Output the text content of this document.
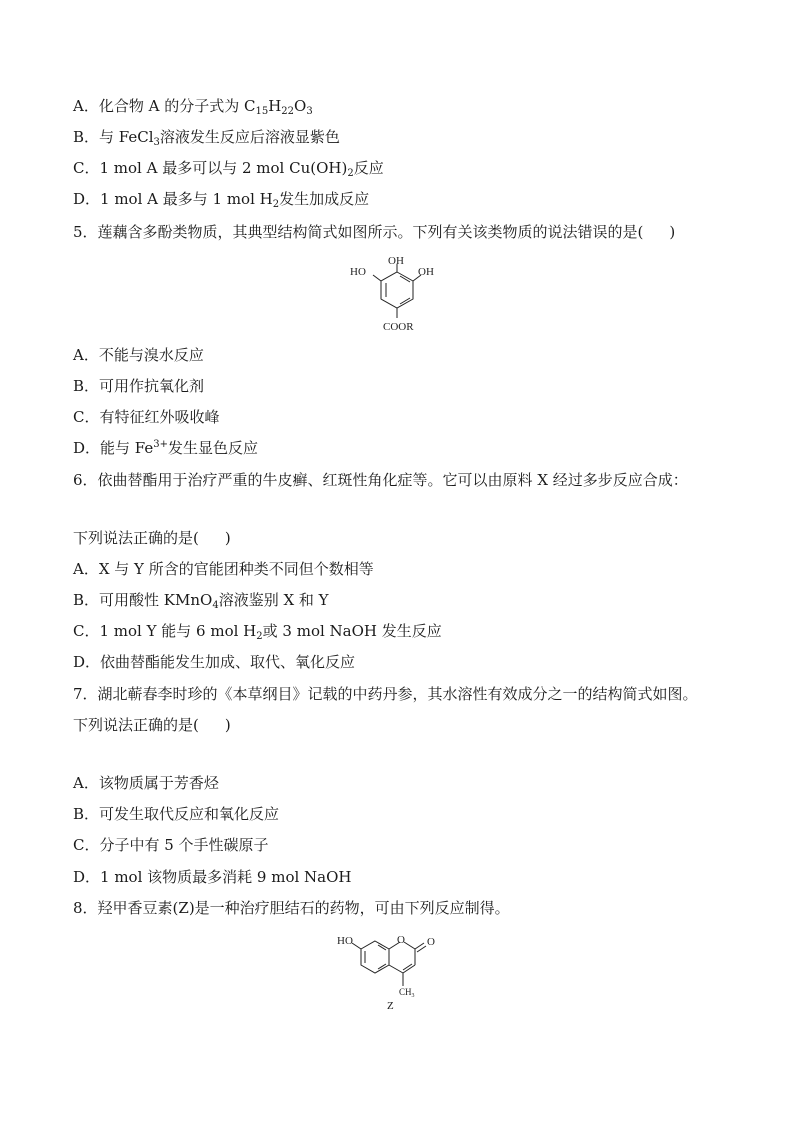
A．化合物 A 的分子式为 $C_{15}H_{22}O_3$
B．与 FeCl$_3$溶液发生反应后溶液显紫色
C．1 mol A 最多可以与 2 mol $Cu(OH)_2$反应
D．1 mol A 最多与 1 mol $H_2$发生加成反应
5．莲藕含多酚类物质，其典型结构简式如图所示。下列有关该类物质的说法错误的是( )
OH
HO	OH
COOR
A．不能与溴水反应
B．可用作抗氧化剂
C．有特征红外吸收峰
D．能与 $Fe^{3+}$发生显色反应
6．依曲替酯用于治疗严重的牛皮癣、红斑性角化症等。它可以由原料 X 经过多步反应合成：
下列说法正确的是( )
A．X 与 Y 所含的官能团种类不同但个数相等
B．可用酸性 KMnO$_4$溶液鉴别 X 和 Y
C．1 mol Y 能与 6 mol $H_2$或 3 mol NaOH 发生反应
D．依曲替酯能发生加成、取代、氧化反应
7．湖北蕲春李时珍的《本草纲目》记载的中药丹参，其水溶性有效成分之一的结构简式如图。
下列说法正确的是( )
A．该物质属于芳香烃
B．可发生取代反应和氧化反应
C．分子中有 5 个手性碳原子
D．1 mol 该物质最多消耗 9 mol NaOH
8．羟甲香豆素(Z)是一种治疗胆结石的药物，可由下列反应制得。
HO	O O
$CH_3$
Z
